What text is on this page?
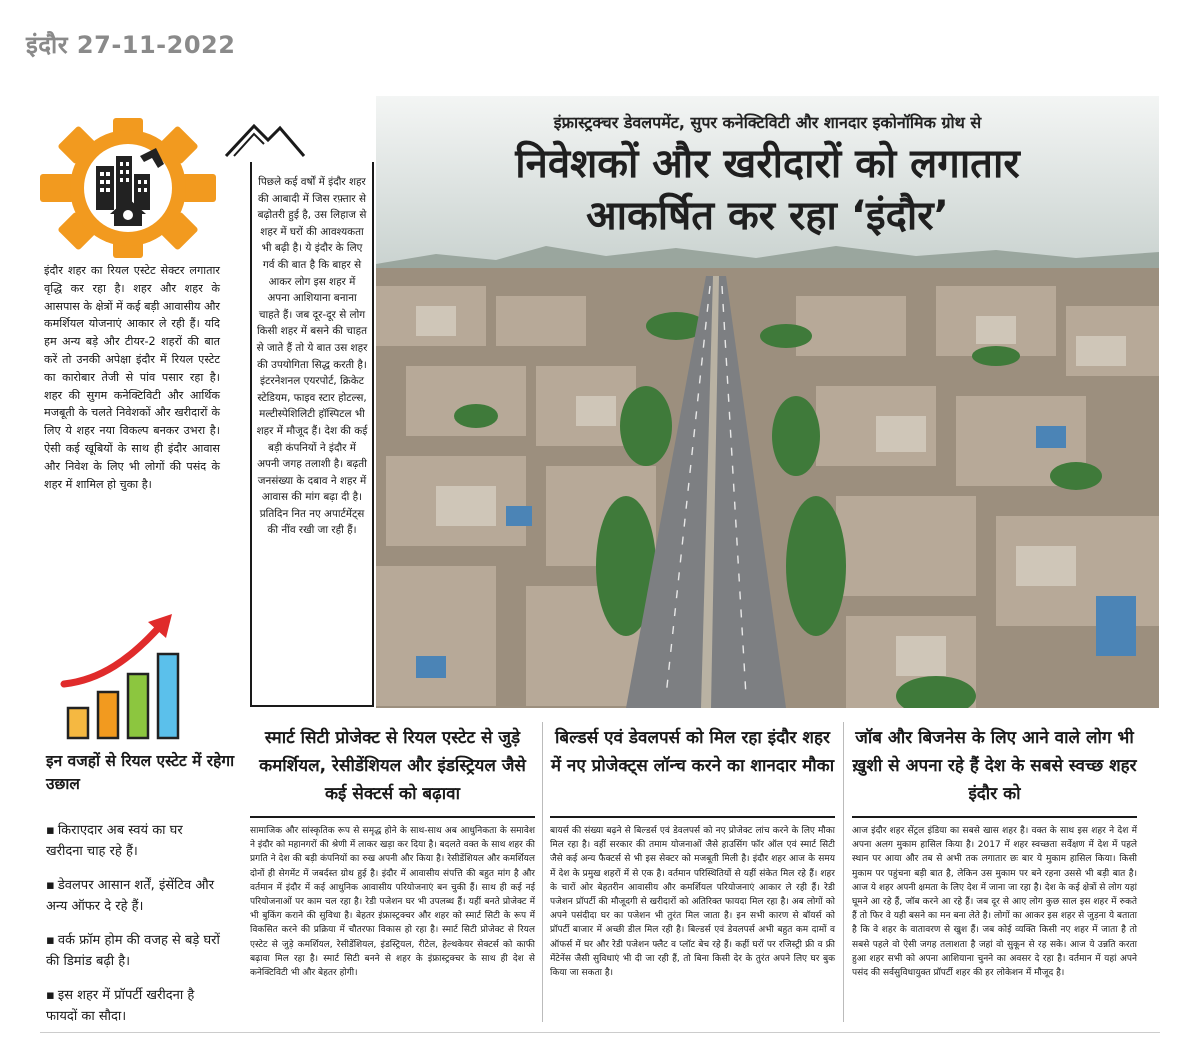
इंदौर 27-11-2022
इंदौर शहर का रियल एस्टेट सेक्टर लगातार वृद्धि कर रहा है। शहर और शहर के आसपास के क्षेत्रों में कई बड़ी आवासीय और कमर्शियल योजनाएं आकार ले रही हैं। यदि हम अन्य बड़े और टीयर-2 शहरों की बात करें तो उनकी अपेक्षा इंदौर में रियल एस्टेट का कारोबार तेजी से पांव पसार रहा है। शहर की सुगम कनेक्टिविटी और आर्थिक मजबूती के चलते निवेशकों और खरीदारों के लिए ये शहर नया विकल्प बनकर उभरा है। ऐसी कई खूबियों के साथ ही इंदौर आवास और निवेश के लिए भी लोगों की पसंद के शहर में शामिल हो चुका है।
इन वजहों से रियल एस्टेट में रहेगा उछाल
▪ किराएदार अब स्वयं का घर खरीदना चाह रहे हैं।
▪ डेवलपर आसान शर्तें, इंसेंटिव और अन्य ऑफर दे रहे हैं।
▪ वर्क फ्रॉम होम की वजह से बड़े घरों की डिमांड बढ़ी है।
▪ इस शहर में प्रॉपर्टी खरीदना है फायदों का सौदा।
पिछले कई वर्षों में इंदौर शहर की आबादी में जिस रफ़्तार से बढ़ोतरी हुई है, उस लिहाज से शहर में घरों की आवश्यकता भी बढ़ी है। ये इंदौर के लिए गर्व की बात है कि बाहर से आकर लोग इस शहर में अपना आशियाना बनाना चाहते हैं। जब दूर-दूर से लोग किसी शहर में बसने की चाहत से जाते हैं तो ये बात उस शहर की उपयोगिता सिद्ध करती है। इंटरनेशनल एयरपोर्ट, क्रिकेट स्टेडियम, फाइव स्टार होटल्स, मल्टीस्पेशिलिटी हॉस्पिटल भी शहर में मौजूद हैं। देश की कई बड़ी कंपनियों ने इंदौर में अपनी जगह तलाशी है। बढ़ती जनसंख्या के दबाव ने शहर में आवास की मांग बढ़ा दी है। प्रतिदिन नित नए अपार्टमेंट्स की नींव रखी जा रही हैं।
इंफ्रास्ट्रक्चर डेवलपमेंट, सुपर कनेक्टिविटी और शानदार इकोनॉमिक ग्रोथ से
निवेशकों और खरीदारों को लगातार
आकर्षित कर रहा ‘इंदौर’
स्मार्ट सिटी प्रोजेक्ट से रियल एस्टेट से जुड़े कमर्शियल, रेसीडेंशियल और इंडस्ट्रियल जैसे कई सेक्टर्स को बढ़ावा
सामाजिक और सांस्कृतिक रूप से समृद्ध होने के साथ-साथ अब आधुनिकता के समावेश ने इंदौर को महानगरों की श्रेणी में लाकर खड़ा कर दिया है। बदलते वक्त के साथ शहर की प्रगति ने देश की बड़ी कंपनियों का रुख अपनी और किया है। रेसीडेंशियल और कमर्शियल दोनों ही सेगमेंट में जबर्दस्त ग्रोथ हुई है। इंदौर में आवासीय संपत्ति की बहुत मांग है और वर्तमान में इंदौर में कई आधुनिक आवासीय परियोजनाएं बन चुकी हैं। साथ ही कई नई परियोजनाओं पर काम चल रहा है। रेडी पजेशन घर भी उपलब्ध हैं। यहीं बनते प्रोजेक्ट में भी बुकिंग कराने की सुविधा है। बेहतर इंफ्रास्ट्रक्चर और शहर को स्मार्ट सिटी के रूप में विकसित करने की प्रक्रिया में चौतरफा विकास हो रहा है। स्मार्ट सिटी प्रोजेक्ट से रियल एस्टेट से जुड़े कमर्शियल, रेसीडेंशियल, इंडस्ट्रियल, रीटेल, हेल्थकेयर सेक्टर्स को काफी बढ़ावा मिल रहा है। स्मार्ट सिटी बनने से शहर के इंफ्रास्ट्रक्चर के साथ ही देश से कनेक्टिविटी भी और बेहतर होगी।
बिल्डर्स एवं डेवलपर्स को मिल रहा इंदौर शहर में नए प्रोजेक्ट्स लॉन्च करने का शानदार मौका
बायर्स की संख्या बढ़ने से बिल्डर्स एवं डेवलपर्स को नए प्रोजेक्ट लांच करने के लिए मौका मिल रहा है। वहीं सरकार की तमाम योजनाओं जैसे हाउसिंग फॉर ऑल एवं स्मार्ट सिटी जैसे कई अन्य फैक्टर्स से भी इस सेक्टर को मजबूती मिली है। इंदौर शहर आज के समय में देश के प्रमुख शहरों में से एक है। वर्तमान परिस्थितियों से यहीं संकेत मिल रहे हैं। शहर के चारों ओर बेहतरीन आवासीय और कमर्शियल परियोजनाएं आकार ले रही हैं। रेडी पजेशन प्रॉपर्टी की मौजूदगी से खरीदारों को अतिरिक्त फायदा मिल रहा है। अब लोगों को अपने पसंदीदा घर का पजेशन भी तुरंत मिल जाता है। इन सभी कारण से बॉयर्स को प्रॉपर्टी बाजार में अच्छी डील मिल रही है। बिल्डर्स एवं डेवलपर्स अभी बहुत कम दामों व ऑफर्स में घर और रेडी पजेशन फ्लैट व प्लॉट बेच रहे हैं। कहीं घरों पर रजिस्ट्री फ्री व फ्री मेंटेनेंस जैसी सुविधाएं भी दी जा रही हैं, तो बिना किसी देर के तुरंत अपने लिए घर बुक किया जा सकता है।
जॉब और बिजनेस के लिए आने वाले लोग भी ख़ुशी से अपना रहे हैं देश के सबसे स्वच्छ शहर इंदौर को
आज इंदौर शहर सेंट्रल इंडिया का सबसे खास शहर है। वक्त के साथ इस शहर ने देश में अपना अलग मुकाम हासिल किया है। 2017 में शहर स्वच्छता सर्वेक्षण में देश में पहले स्थान पर आया और तब से अभी तक लगातार छः बार ये मुकाम हासिल किया। किसी मुकाम पर पहुंचना बड़ी बात है, लेकिन उस मुकाम पर बने रहना उससे भी बड़ी बात है। आज ये शहर अपनी क्षमता के लिए देश में जाना जा रहा है। देश के कई क्षेत्रों से लोग यहां घूमने आ रहे हैं, जॉब करने आ रहे हैं। जब दूर से आए लोग कुछ साल इस शहर में रुकते हैं तो फिर वे यही बसने का मन बना लेते है। लोगों का आकर इस शहर से जुड़ना ये बताता है कि वे शहर के वातावरण से खुश हैं। जब कोई व्यक्ति किसी नए शहर में जाता है तो सबसे पहले वो ऐसी जगह तलाशता है जहां वो सुकून से रह सके। आज ये उन्नति करता हुआ शहर सभी को अपना आशियाना चुनने का अवसर दे रहा है। वर्तमान में यहां अपने पसंद की सर्वसुविधायुक्त प्रॉपर्टी शहर की हर लोकेशन में मौजूद है।
